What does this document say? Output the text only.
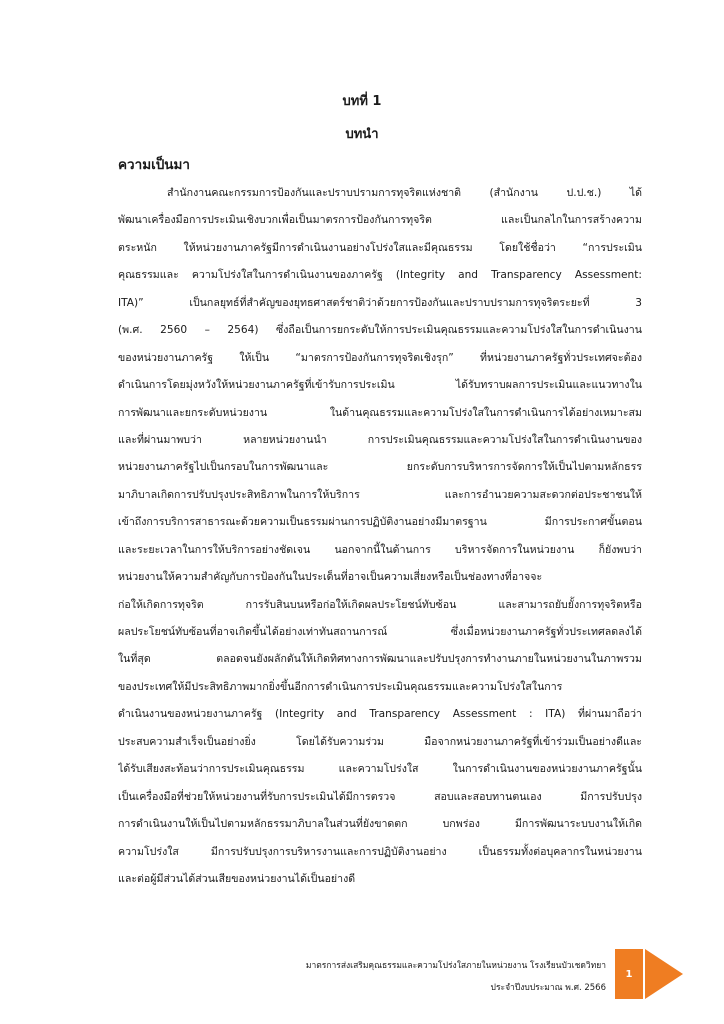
บทที่ 1
บทนำ
ความเป็นมา
สำนักงานคณะกรรมการป้องกันและปราบปรามการทุจริตแห่งชาติ (สำนักงาน ป.ป.ช.) ได้
พัฒนาเครื่องมือการประเมินเชิงบวกเพื่อเป็นมาตรการป้องกันการทุจริต และเป็นกลไกในการสร้างความ
ตระหนัก ให้หน่วยงานภาครัฐมีการดำเนินงานอย่างโปร่งใสและมีคุณธรรม โดยใช้ชื่อว่า “การประเมิน
คุณธรรมและ ความโปร่งใสในการดำเนินงานของภาครัฐ (Integrity and Transparency Assessment:
ITA)” เป็นกลยุทธ์ที่สำคัญของยุทธศาสตร์ชาติว่าด้วยการป้องกันและปราบปรามการทุจริตระยะที่ 3
(พ.ศ. 2560 – 2564) ซึ่งถือเป็นการยกระดับให้การประเมินคุณธรรมและความโปร่งใสในการดำเนินงาน
ของหน่วยงานภาครัฐ ให้เป็น “มาตรการป้องกันการทุจริตเชิงรุก” ที่หน่วยงานภาครัฐทั่วประเทศจะต้อง
ดำเนินการโดยมุ่งหวังให้หน่วยงานภาครัฐที่เข้ารับการประเมิน ได้รับทราบผลการประเมินและแนวทางใน
การพัฒนาและยกระดับหน่วยงาน ในด้านคุณธรรมและความโปร่งใสในการดำเนินการได้อย่างเหมาะสม
และที่ผ่านมาพบว่า หลายหน่วยงานนำ การประเมินคุณธรรมและความโปร่งใสในการดำเนินงานของ
หน่วยงานภาครัฐไปเป็นกรอบในการพัฒนาและ ยกระดับการบริหารการจัดการให้เป็นไปตามหลักธรร
มาภิบาลเกิดการปรับปรุงประสิทธิภาพในการให้บริการ และการอำนวยความสะดวกต่อประชาชนให้
เข้าถึงการบริการสาธารณะด้วยความเป็นธรรมผ่านการปฏิบัติงานอย่างมีมาตรฐาน มีการประกาศขั้นตอน
และระยะเวลาในการให้บริการอย่างชัดเจน นอกจากนี้ในด้านการ บริหารจัดการในหน่วยงาน ก็ยังพบว่า
หน่วยงานให้ความสำคัญกับการป้องกันในประเด็นที่อาจเป็นความเสี่ยงหรือเป็นช่องทางที่อาจจะ
ก่อให้เกิดการทุจริต การรับสินบนหรือก่อให้เกิดผลประโยชน์ทับซ้อน และสามารถยับยั้งการทุจริตหรือ
ผลประโยชน์ทับซ้อนที่อาจเกิดขึ้นได้อย่างเท่าทันสถานการณ์ ซึ่งเมื่อหน่วยงานภาครัฐทั่วประเทศลดลงได้
ในที่สุด ตลอดจนยังผลักดันให้เกิดทิศทางการพัฒนาและปรับปรุงการทำงานภายในหน่วยงานในภาพรวม
ของประเทศให้มีประสิทธิภาพมากยิ่งขึ้นอีกการดำเนินการประเมินคุณธรรมและความโปร่งใสในการ
ดำเนินงานของหน่วยงานภาครัฐ (Integrity and Transparency Assessment : ITA) ที่ผ่านมาถือว่า
ประสบความสำเร็จเป็นอย่างยิ่ง โดยได้รับความร่วม มือจากหน่วยงานภาครัฐที่เข้าร่วมเป็นอย่างดีและ
ได้รับเสียงสะท้อนว่าการประเมินคุณธรรม และความโปร่งใส ในการดำเนินงานของหน่วยงานภาครัฐนั้น
เป็นเครื่องมือที่ช่วยให้หน่วยงานที่รับการประเมินได้มีการตรวจ สอบและสอบทานตนเอง มีการปรับปรุง
การดำเนินงานให้เป็นไปตามหลักธรรมาภิบาลในส่วนที่ยังขาดตก บกพร่อง มีการพัฒนาระบบงานให้เกิด
ความโปร่งใส มีการปรับปรุงการบริหารงานและการปฏิบัติงานอย่าง เป็นธรรมทั้งต่อบุคลากรในหน่วยงาน
และต่อผู้มีส่วนได้ส่วนเสียของหน่วยงานได้เป็นอย่างดี
มาตรการส่งเสริมคุณธรรมและความโปร่งใสภายในหน่วยงาน โรงเรียนบัวเชดวิทยา
ประจำปีงบประมาณ พ.ศ. 2566
1
